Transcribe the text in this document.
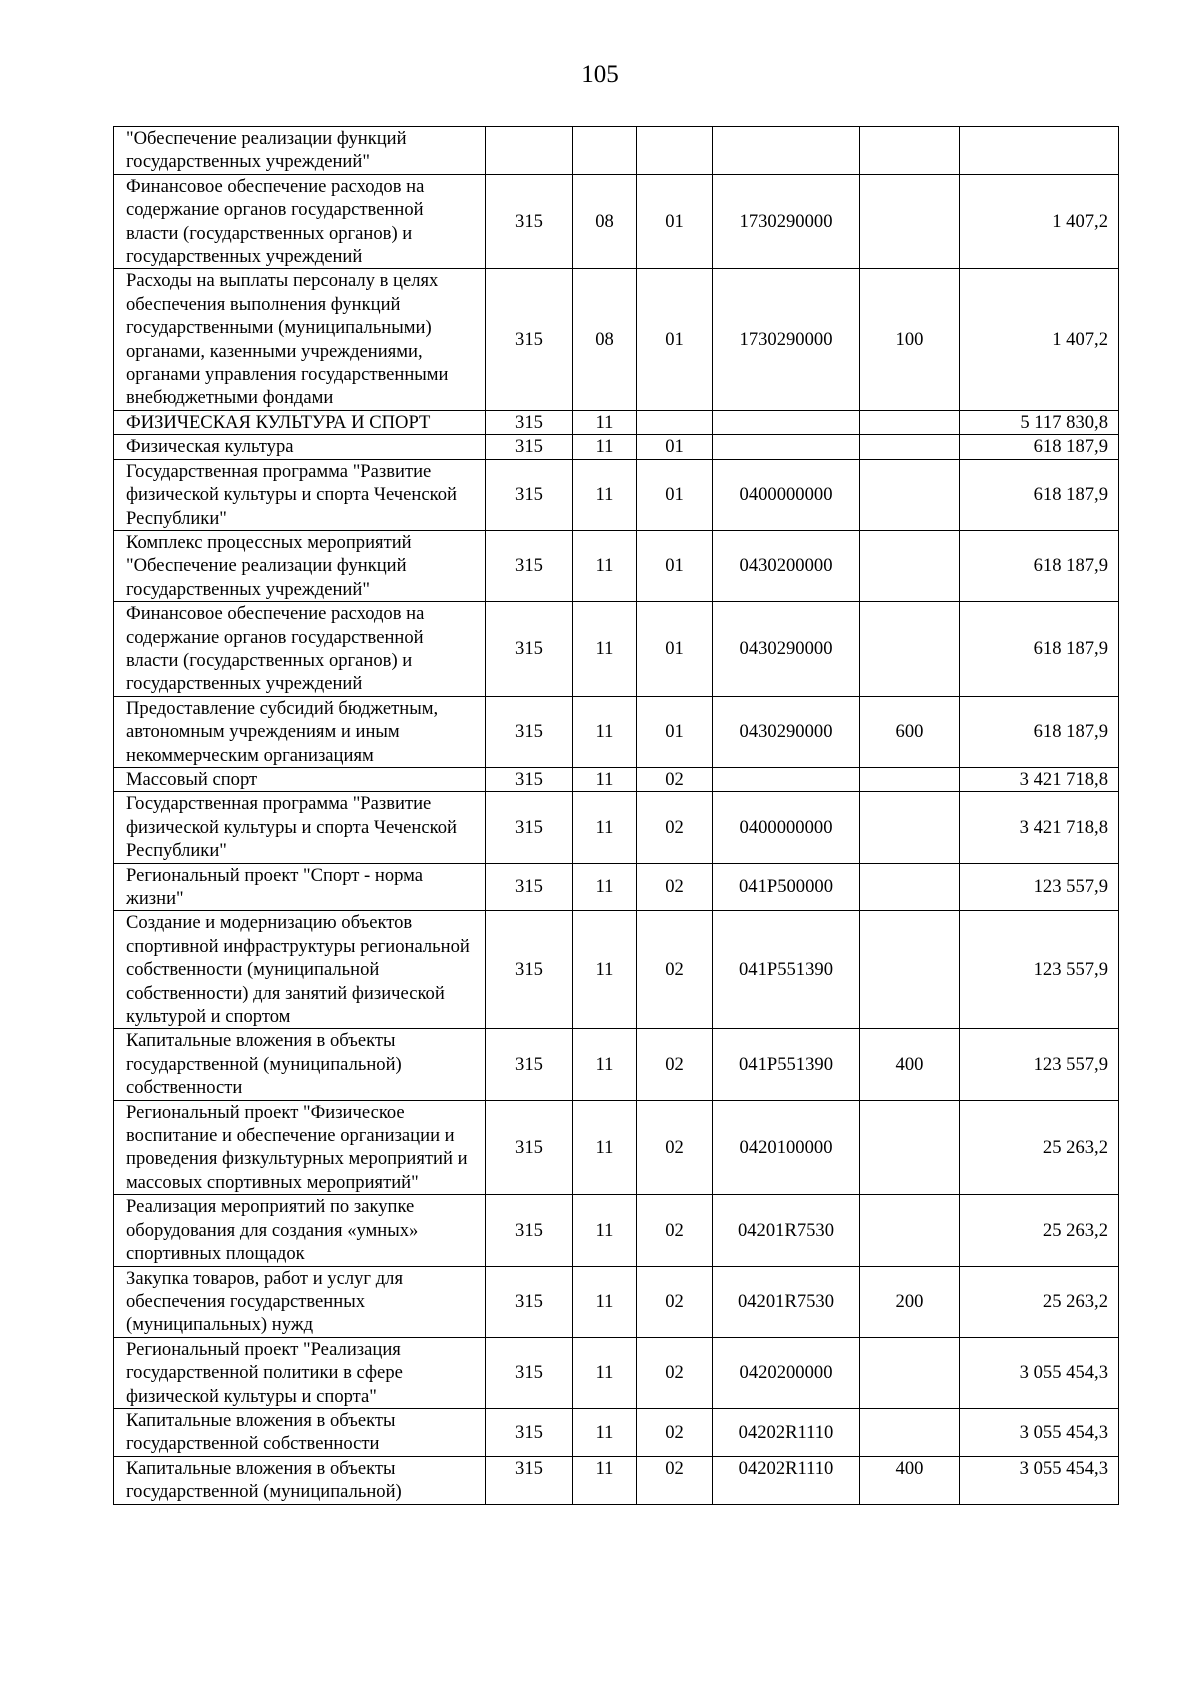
105
"Обеспечение реализации функций государственных учреждений"						
Финансовое обеспечение расходов на содержание органов государственной власти (государственных органов) и государственных учреждений	315	08	01	1730290000		1 407,2
Расходы на выплаты персоналу в целях обеспечения выполнения функций государственными (муниципальными) органами, казенными учреждениями, органами управления государственными внебюджетными фондами	315	08	01	1730290000	100	1 407,2
ФИЗИЧЕСКАЯ КУЛЬТУРА И СПОРТ	315	11				5 117 830,8
Физическая культура	315	11	01			618 187,9
Государственная программа "Развитие физической культуры и спорта Чеченской Республики"	315	11	01	0400000000		618 187,9
Комплекс процессных мероприятий "Обеспечение реализации функций государственных учреждений"	315	11	01	0430200000		618 187,9
Финансовое обеспечение расходов на содержание органов государственной власти (государственных органов) и государственных учреждений	315	11	01	0430290000		618 187,9
Предоставление субсидий бюджетным, автономным учреждениям и иным некоммерческим организациям	315	11	01	0430290000	600	618 187,9
Массовый спорт	315	11	02			3 421 718,8
Государственная программа "Развитие физической культуры и спорта Чеченской Республики"	315	11	02	0400000000		3 421 718,8
Региональный проект "Спорт - норма жизни"	315	11	02	041P500000		123 557,9
Создание и модернизацию объектов спортивной инфраструктуры региональной собственности (муниципальной собственности) для занятий физической культурой и спортом	315	11	02	041P551390		123 557,9
Капитальные вложения в объекты государственной (муниципальной) собственности	315	11	02	041P551390	400	123 557,9
Региональный проект "Физическое воспитание и обеспечение организации и проведения физкультурных мероприятий и массовых спортивных мероприятий"	315	11	02	0420100000		25 263,2
Реализация мероприятий по закупке оборудования для создания «умных» спортивных площадок	315	11	02	04201R7530		25 263,2
Закупка товаров, работ и услуг для обеспечения государственных (муниципальных) нужд	315	11	02	04201R7530	200	25 263,2
Региональный проект "Реализация государственной политики в сфере физической культуры и спорта"	315	11	02	0420200000		3 055 454,3
Капитальные вложения в объекты государственной собственности	315	11	02	04202R1110		3 055 454,3
Капитальные вложения в объекты государственной (муниципальной)	315	11	02	04202R1110	400	3 055 454,3
